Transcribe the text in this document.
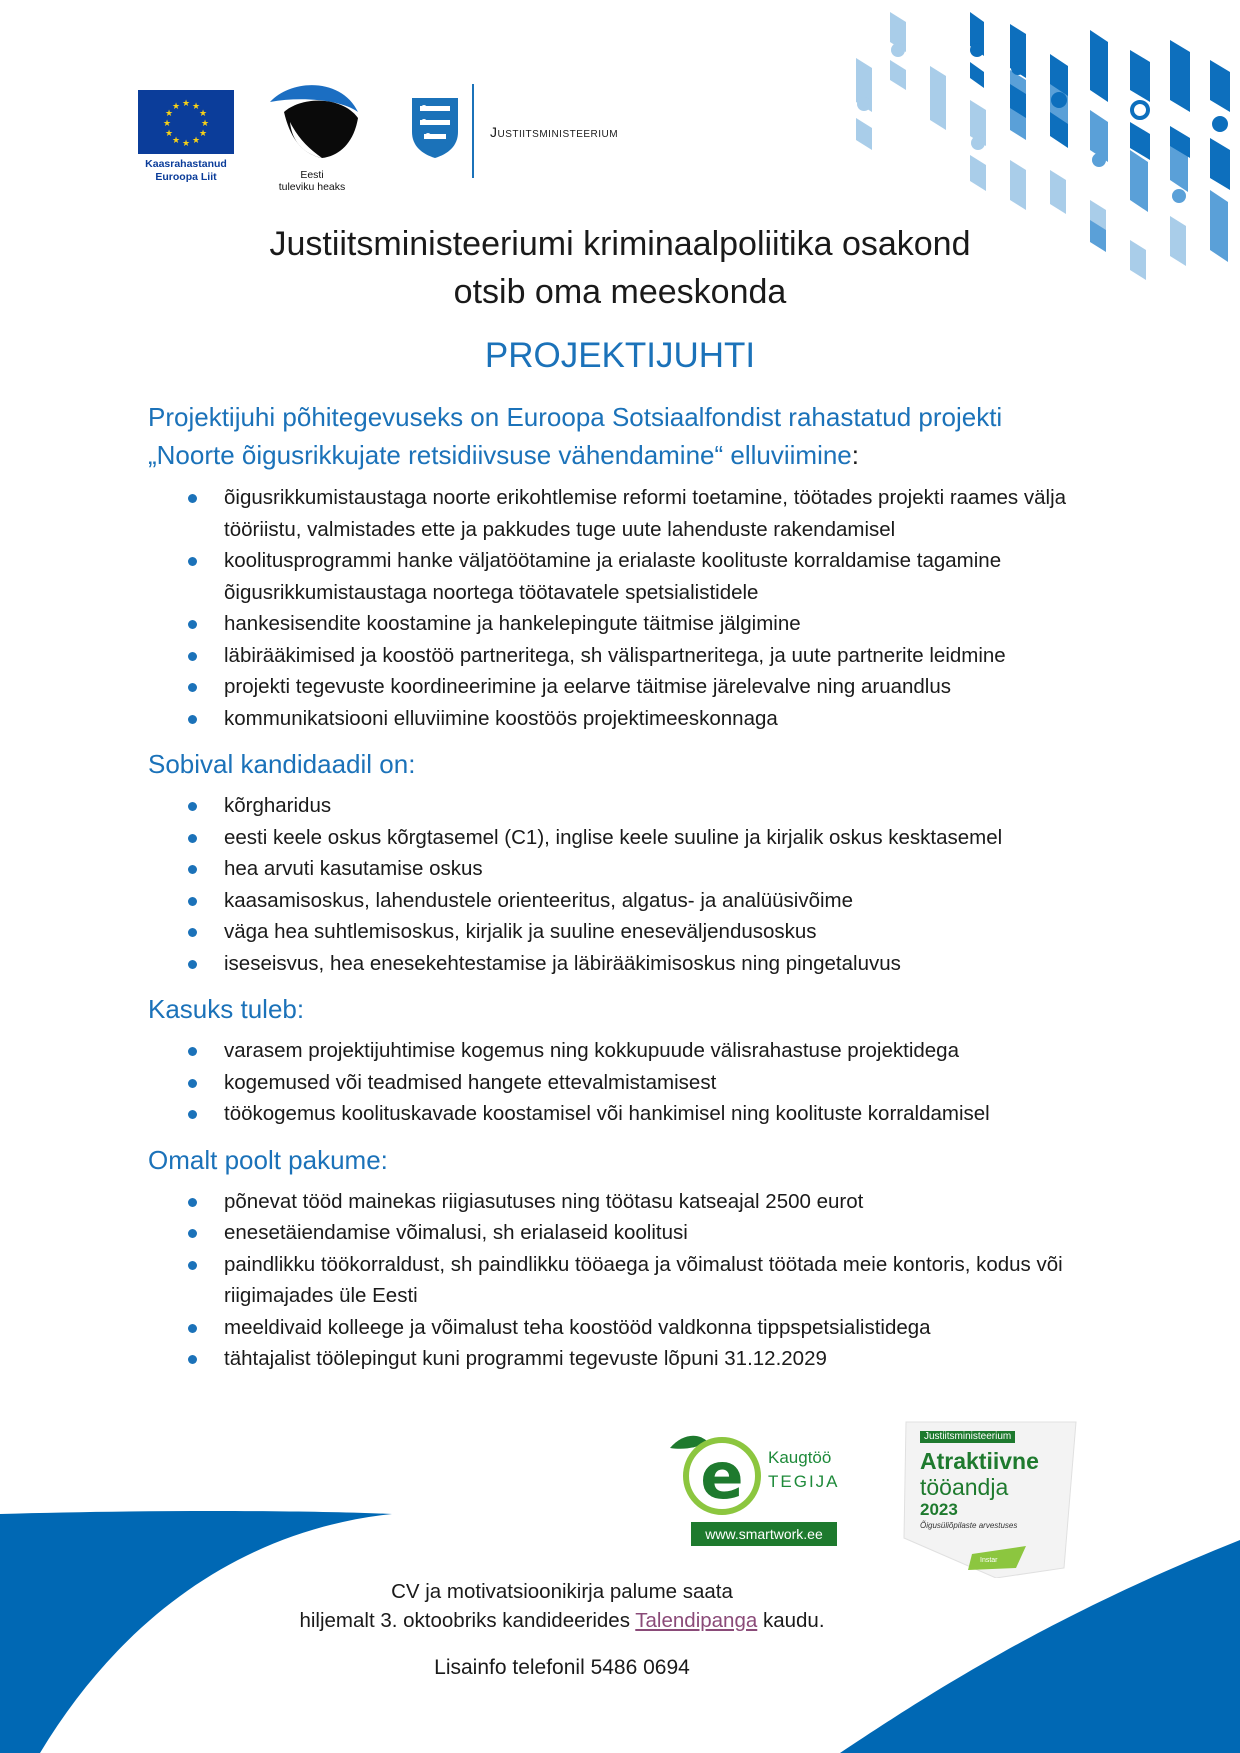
★ ★
★
★
★
★
★
★
★
★
★
★
Kaasrahastanud
Euroopa Liit	Eesti
tuleviku heaks
Justiitsministeerium
Justiitsministeeriumi kriminaalpoliitika osakond
otsib oma meeskonda
PROJEKTIJUHTI
Projektijuhi põhitegevuseks on Euroopa Sotsiaalfondist rahastatud projekti
„Noorte õigusrikkujate retsidiivsuse vähendamine“ elluviimine:
õigusrikkumistaustaga noorte erikohtlemise reformi toetamine, töötades projekti raames välja tööriistu, valmistades ette ja pakkudes tuge uute lahenduste rakendamisel
koolitusprogrammi hanke väljatöötamine ja erialaste koolituste korraldamise tagamine õigusrikkumistaustaga noortega töötavatele spetsialistidele
hankesisendite koostamine ja hankelepingute täitmise jälgimine
läbirääkimised ja koostöö partneritega, sh välispartneritega, ja uute partnerite leidmine
projekti tegevuste koordineerimine ja eelarve täitmise järelevalve ning aruandlus
kommunikatsiooni elluviimine koostöös projektimeeskonnaga
Sobival kandidaadil on:
kõrgharidus
eesti keele oskus kõrgtasemel (C1), inglise keele suuline ja kirjalik oskus kesktasemel
hea arvuti kasutamise oskus
kaasamisoskus, lahendustele orienteeritus, algatus- ja analüüsivõime
väga hea suhtlemisoskus, kirjalik ja suuline eneseväljendusoskus
iseseisvus, hea enesekehtestamise ja läbirääkimisoskus ning pingetaluvus
Kasuks tuleb:
varasem projektijuhtimise kogemus ning kokkupuude välisrahastuse projektidega
kogemused või teadmised hangete ettevalmistamisest
töökogemus koolituskavade koostamisel või hankimisel ning koolituste korraldamisel
Omalt poolt pakume:
põnevat tööd mainekas riigiasutuses ning töötasu katseajal 2500 eurot
enesetäiendamise võimalusi, sh erialaseid koolitusi
paindlikku töökorraldust, sh paindlikku tööaega ja võimalust töötada meie kontoris, kodus või riigimajades üle Eesti
meeldivaid kolleege ja võimalust teha koostööd valdkonna tippspetsialistidega
tähtajalist töölepingut kuni programmi tegevuste lõpuni 31.12.2029
e Kaugtöö
TEGIJA
www.smartwork.ee
Justiitsministeerium
Atraktiivne
tööandja
2023
Õigusüliõpilaste arvestuses
Instar
CV ja motivatsioonikirja palume saata
hiljemalt 3. oktoobriks kandideerides Talendipanga kaudu.
Lisainfo telefonil 5486 0694
